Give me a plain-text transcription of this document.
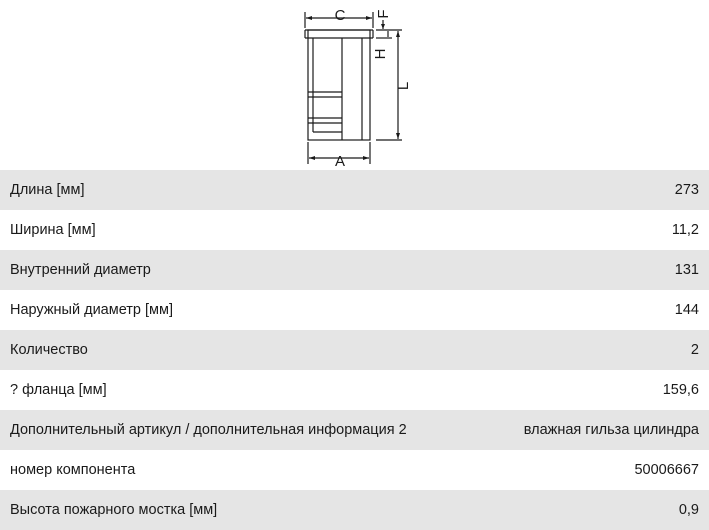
C
A
L
H
F
Длина [мм]	273
Ширина [мм]	11,2
Внутренний диаметр	131
Наружный диаметр [мм]	144
Количество	2
? фланца [мм]	159,6
Дополнительный артикул / дополнительная информация 2	влажная гильза цилиндра
номер компонента	50006667
Высота пожарного мостка [мм]	0,9
